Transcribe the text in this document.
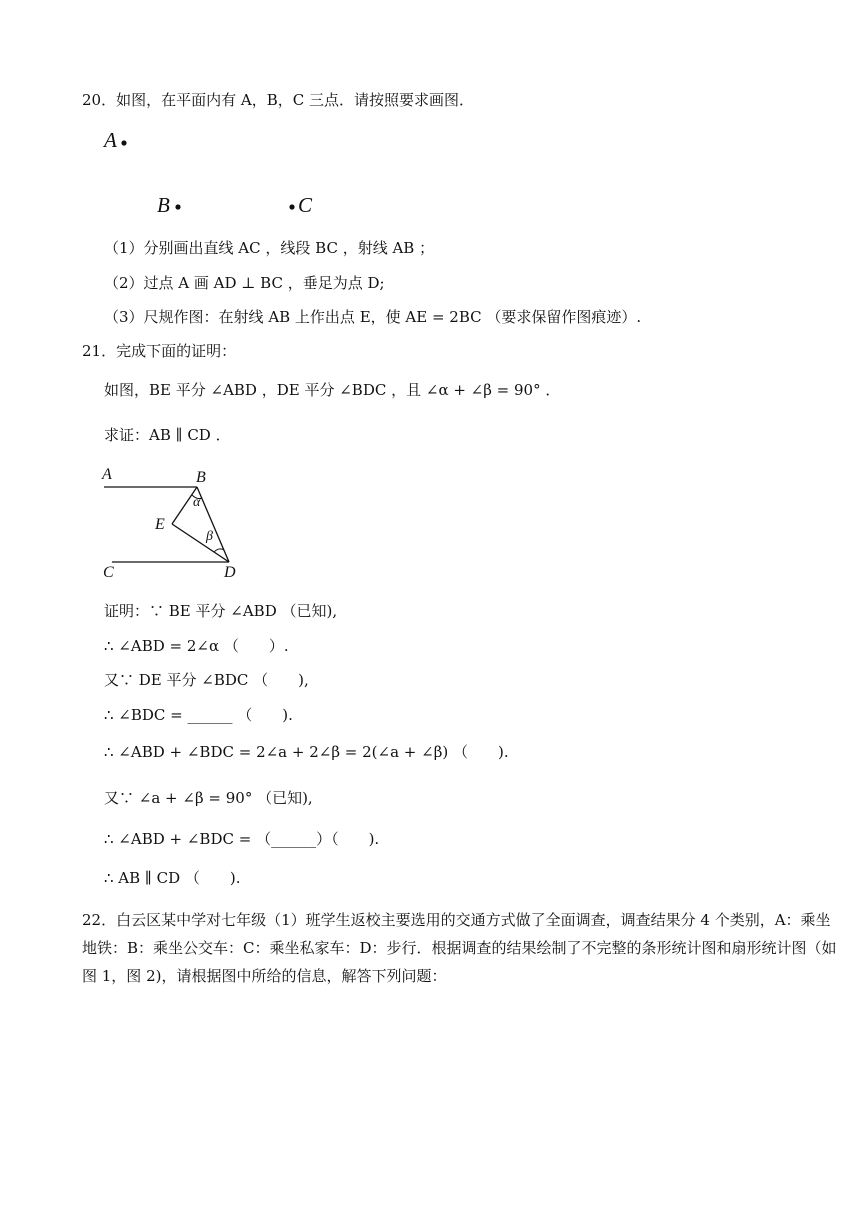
20．如图，在平面内有 A，B，C 三点．请按照要求画图．
A
B	C
（1）分别画出直线 AC ，线段 BC ，射线 AB ；
（2）过点 A 画 AD ⊥ BC ，垂足为点 D;
（3）尺规作图：在射线 AB 上作出点 E，使 AE = 2BC （要求保留作图痕迹）.
21．完成下面的证明：
如图，BE 平分 ∠ABD ，DE 平分 ∠BDC ，且 ∠α + ∠β = 90° ．
求证：AB ∥ CD ．
A	B
C	D
E
α
β
证明：∵ BE 平分 ∠ABD （已知),
∴ ∠ABD = 2∠α （　　）.
又∵ DE 平分 ∠BDC （　　),
∴ ∠BDC = ______ （　　).
∴ ∠ABD + ∠BDC = 2∠a + 2∠β = 2(∠a + ∠β) （　　).
又∵ ∠a + ∠β = 90° （已知),
∴ ∠ABD + ∠BDC = （______）（　　).
∴ AB ∥ CD （　　).
22．白云区某中学对七年级（1）班学生返校主要选用的交通方式做了全面调查，调查结果分 4 个类别，A：乘坐地铁：B：乘坐公交车：C：乘坐私家车：D：步行．根据调查的结果绘制了不完整的条形统计图和扇形统计图（如图 1，图 2)，请根据图中所给的信息，解答下列问题：
